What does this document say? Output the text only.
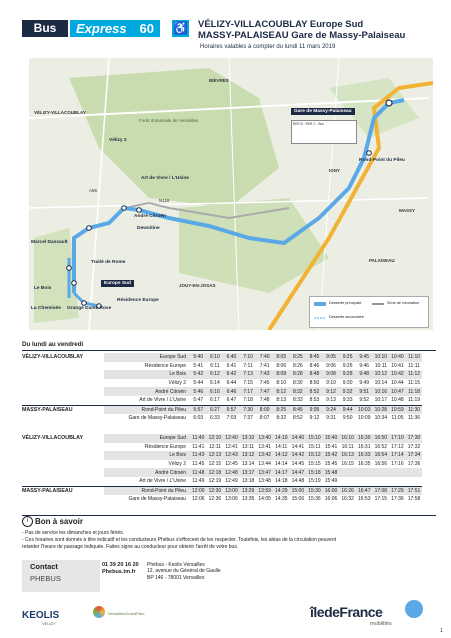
Bus	Express 60 ♿ VÉLIZY-VILLACOUBLAY Europe Sud
MASSY-PALAISEAU Gare de Massy-Palaiseau
Horaires valables à compter du lundi 11 mars 2019
Gare de Massy-Palaiseau
RER B · RER C · Bus
Rond-Point du Pileu
Vélizy 2
Art de Vivre / L'Usine
André Citroën
Dewoitine
Marcel Dassault
Traité de Rome
Le Bois
La Cheminée Grange Dame Rose
Europe Sud
Résidence Europe
VÉLIZY-VILLACOUBLAY
BIÈVRES
IGNY
MASSY
PALAISEAU
JOUY-EN-JOSAS
N118
A86
Forêt domaniale de Versailles
Desserte principale	Sens de circulation
Desserte secondaire
Du lundi au vendredi
VÉLIZY-VILLACOUBLAY	Europe Sud	5:40	6:10	6:40	7:10	7:40	8:05	8:25	8:45	9:05	9:25	9:45	10:10	10:40	11:10
	Résidence Europe	5:41	6:11	6:41	7:11	7:41	8:06	8:26	8:46	9:06	9:26	9:46	10:11	10:41	11:11
	Le Bois	5:42	6:12	6:42	7:13	7:43	8:08	8:28	8:48	9:08	9:28	9:48	10:12	10:42	11:12
	Vélizy 2	5:44	6:14	6:44	7:15	7:45	8:10	8:30	8:50	9:10	9:30	9:49	10:14	10:44	11:15
	André Citroën	5:46	6:16	6:46	7:17	7:47	8:12	8:32	8:52	9:12	9:32	9:51	10:16	10:47	11:18
	Art de Vivre / L'Usine	5:47	6:17	6:47	7:18	7:48	8:13	8:33	8:53	9:13	9:33	9:52	10:17	10:48	11:19
MASSY-PALAISEAU	Rond-Point du Pileu	5:57	6:27	6:57	7:30	8:00	8:25	8:45	9:05	9:24	9:44	10:03	10:28	10:59	11:30
	Gare de Massy-Palaiseau	6:03	6:33	7:03	7:37	8:07	8:32	8:52	9:12	9:31	9:50	10:09	10:34	11:05	11:36
VÉLIZY-VILLACOUBLAY	Europe Sud	11:40	12:10	12:40	13:10	13:40	14:10	14:40	15:10	15:40	16:10	16:30	16:50	17:10	17:30
	Résidence Europe	11:41	12:11	12:41	13:11	13:41	14:11	14:41	15:11	15:41	16:11	16:31	16:52	17:12	17:32
	Le Bois	11:43	12:13	12:43	13:12	13:42	14:12	14:42	15:12	15:42	16:13	16:33	16:54	17:14	17:34
	Vélizy 2	11:45	12:15	12:45	13:14	13:44	14:14	14:45	15:15	15:45	16:15	16:35	16:56	17:16	17:36
	André Citroën	11:48	12:18	12:48	13:17	13:47	14:17	14:47	15:18	15:48					
	Art de Vivre / L'Usine	11:49	12:19	12:49	13:18	13:48	14:18	14:48	15:19	15:49					
MASSY-PALAISEAU	Rond-Point du Pileu	12:00	12:30	13:00	13:29	13:59	14:29	15:00	15:30	16:00	16:26	16:47	17:08	17:29	17:51
	Gare de Massy-Palaiseau	12:06	12:36	13:06	13:35	14:05	14:35	15:06	15:36	16:06	16:32	16:53	17:15	17:36	17:58
i Bon à savoir
- Pas de service les dimanches et jours fériés.
- Ces horaires sont donnés à titre indicatif et les conducteurs Phébus s'efforcent de les respecter. Toutefois, les aléas de la circulation peuvent
retarder l'heure de passage indiquée. Faites signe au conducteur pour obtenir l'arrêt de votre bus.
Contact
PHEBUS
01 39 20 16 20
Phebus.tm.fr
Phébus - Keolis Versailles
12, avenue du Général de Gaulle
BP 146 - 78001 Versailles
KEOLIS
VELIZY
VersaillesGrandParc	îledeFrance
mobilités
1
